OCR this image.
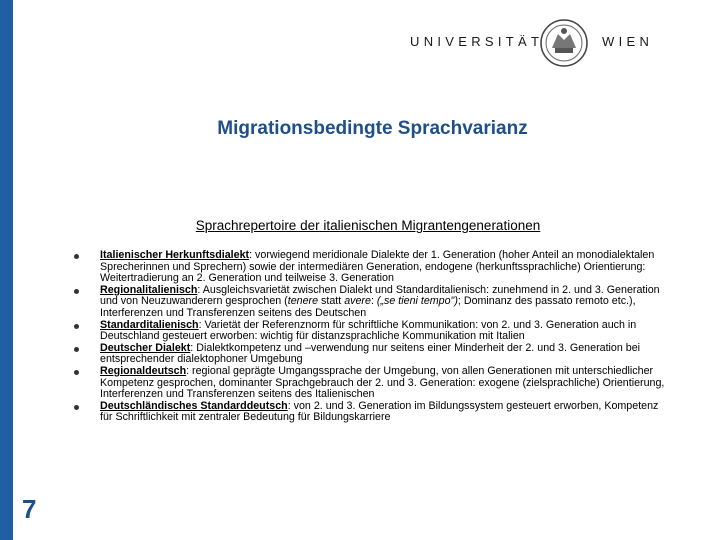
7
UNIVERSITÄT	WIEN
Migrationsbedingte Sprachvarianz
Sprachrepertoire der italienischen Migrantengenerationen
Italienischer Herkunftsdialekt: vorwiegend meridionale Dialekte der 1. Generation (hoher Anteil an monodialektalen Sprecherinnen und Sprechern) sowie der intermediären Generation, endogene (herkunftssprachliche) Orientierung: Weitertradierung an 2. Generation und teilweise 3. Generation
Regionalitalienisch: Ausgleichsvarietät zwischen Dialekt und Standarditalienisch: zunehmend in 2. und 3. Generation und von Neuzuwanderern gesprochen (tenere statt avere: („se tieni tempo"); Dominanz des passato remoto etc.), Interferenzen und Transferenzen seitens des Deutschen
Standarditalienisch: Varietät der Referenznorm für schriftliche Kommunikation: von 2. und 3. Generation auch in Deutschland gesteuert erworben: wichtig für distanzsprachliche Kommunikation mit Italien
Deutscher Dialekt: Dialektkompetenz und –verwendung nur seitens einer Minderheit der 2. und 3. Generation bei entsprechender dialektophoner Umgebung
Regionaldeutsch: regional geprägte Umgangssprache der Umgebung, von allen Generationen mit unterschiedlicher Kompetenz gesprochen, dominanter Sprachgebrauch der 2. und 3. Generation: exogene (zielsprachliche) Orientierung, Interferenzen und Transferenzen seitens des Italienischen
Deutschländisches Standarddeutsch: von 2. und 3. Generation im Bildungssystem gesteuert erworben, Kompetenz für Schriftlichkeit mit zentraler Bedeutung für Bildungskarriere
